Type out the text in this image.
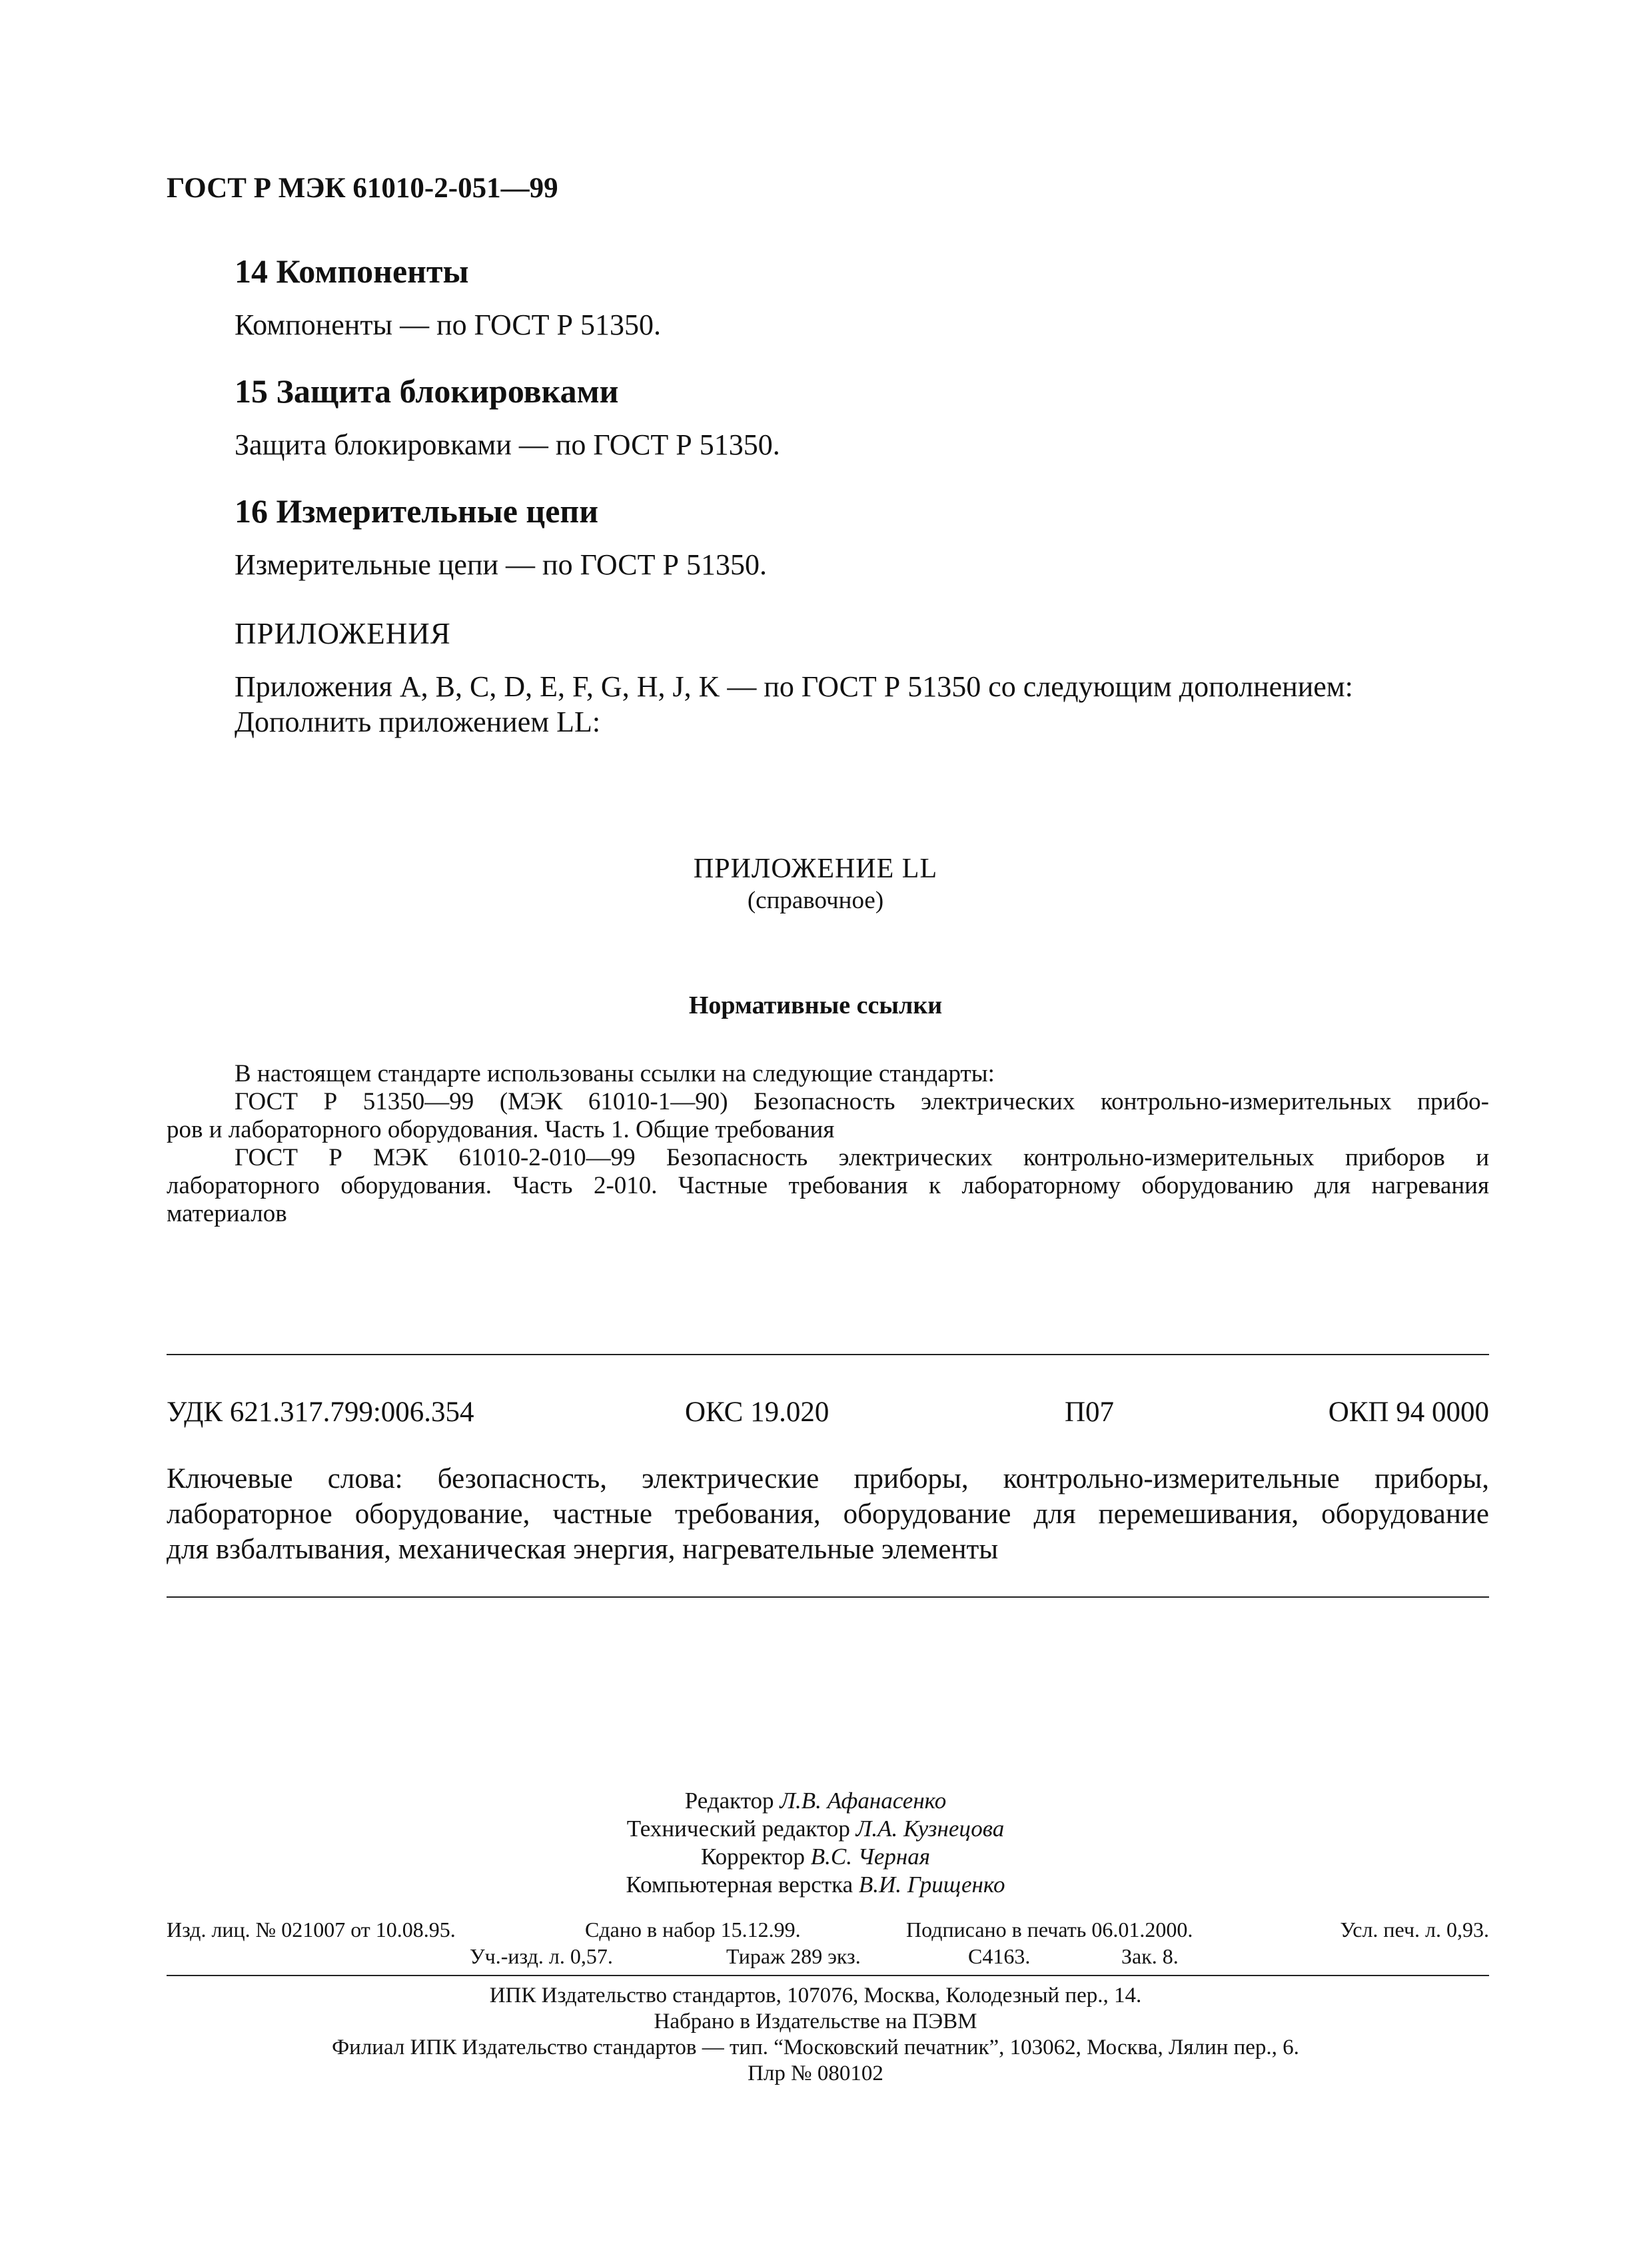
ГОСТ Р МЭК 61010-2-051—99
14 Компоненты
Компоненты — по ГОСТ Р 51350.
15 Защита блокировками
Защита блокировками — по ГОСТ Р 51350.
16 Измерительные цепи
Измерительные цепи — по ГОСТ Р 51350.
ПРИЛОЖЕНИЯ
Приложения A, B, C, D, E, F, G, H, J, K — по ГОСТ Р 51350 со следующим дополнением:
Дополнить приложением LL:
ПРИЛОЖЕНИЕ LL
(справочное)
Нормативные ссылки
В настоящем стандарте использованы ссылки на следующие стандарты:
ГОСТ Р 51350—99 (МЭК 61010-1—90) Безопасность электрических контрольно-измерительных прибо-
ров и лабораторного оборудования. Часть 1. Общие требования
ГОСТ Р МЭК 61010-2-010—99 Безопасность электрических контрольно-измерительных приборов и
лабораторного оборудования. Часть 2-010. Частные требования к лабораторному оборудованию для нагревания
материалов
УДК 621.317.799:006.354	ОКС 19.020	П07	ОКП 94 0000
Ключевые слова: безопасность, электрические приборы, контрольно-измерительные приборы,
лабораторное оборудование, частные требования, оборудование для перемешивания, оборудование
для взбалтывания, механическая энергия, нагревательные элементы
Редактор Л.В. Афанасенко
Технический редактор Л.А. Кузнецова
Корректор В.С. Черная
Компьютерная верстка В.И. Грищенко
Изд. лиц. № 021007 от 10.08.95.	Сдано в набор 15.12.99.	Подписано в печать 06.01.2000.	Усл. печ. л. 0,93.
Уч.-изд. л. 0,57.	Тираж 289 экз.	С4163.	Зак. 8.
ИПК Издательство стандартов, 107076, Москва, Колодезный пер., 14.
Набрано в Издательстве на ПЭВМ
Филиал ИПК Издательство стандартов — тип. “Московский печатник”, 103062, Москва, Лялин пер., 6.
Плр № 080102
